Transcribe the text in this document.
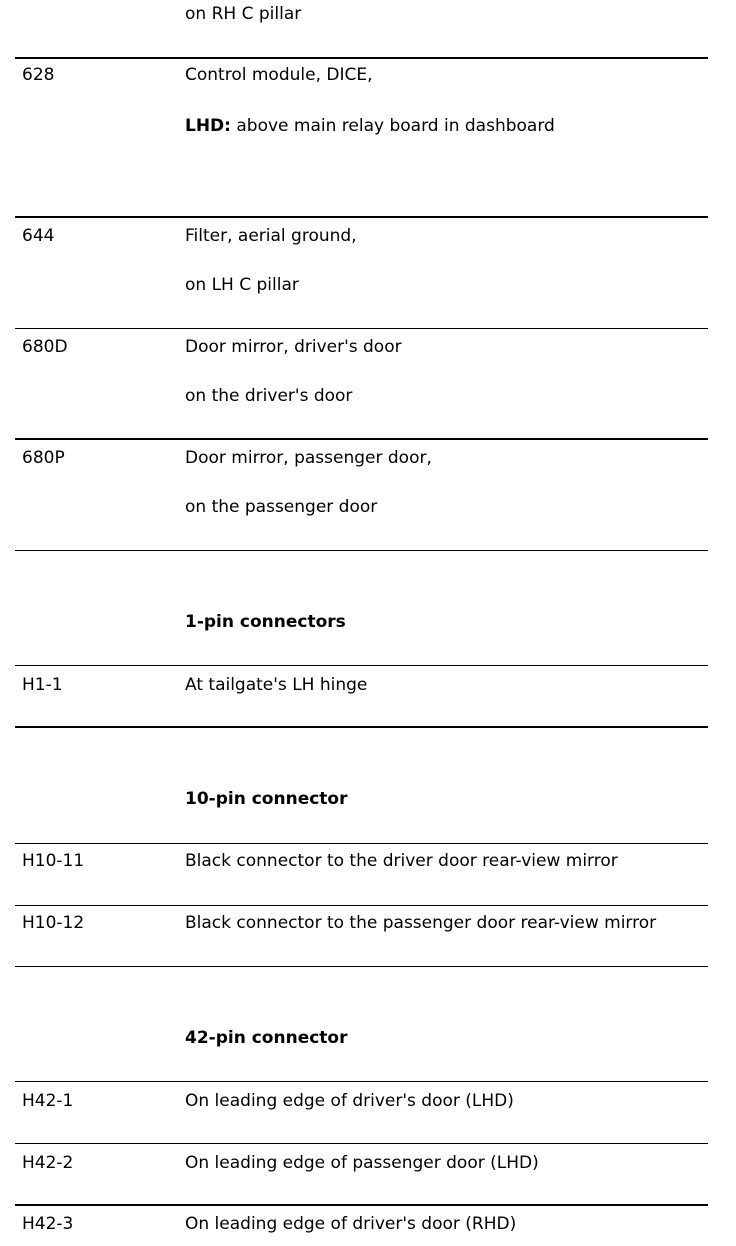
on RH C pillar
628	Control module, DICE,
LHD: above main relay board in dashboard
644	Filter, aerial ground,
on LH C pillar
680D	Door mirror, driver's door
on the driver's door
680P	Door mirror, passenger door,
on the passenger door
1-pin connectors
H1-1	At tailgate's LH hinge
10-pin connector
H10-11	Black connector to the driver door rear-view mirror
H10-12	Black connector to the passenger door rear-view mirror
42-pin connector
H42-1	On leading edge of driver's door (LHD)
H42-2	On leading edge of passenger door (LHD)
H42-3	On leading edge of driver's door (RHD)
